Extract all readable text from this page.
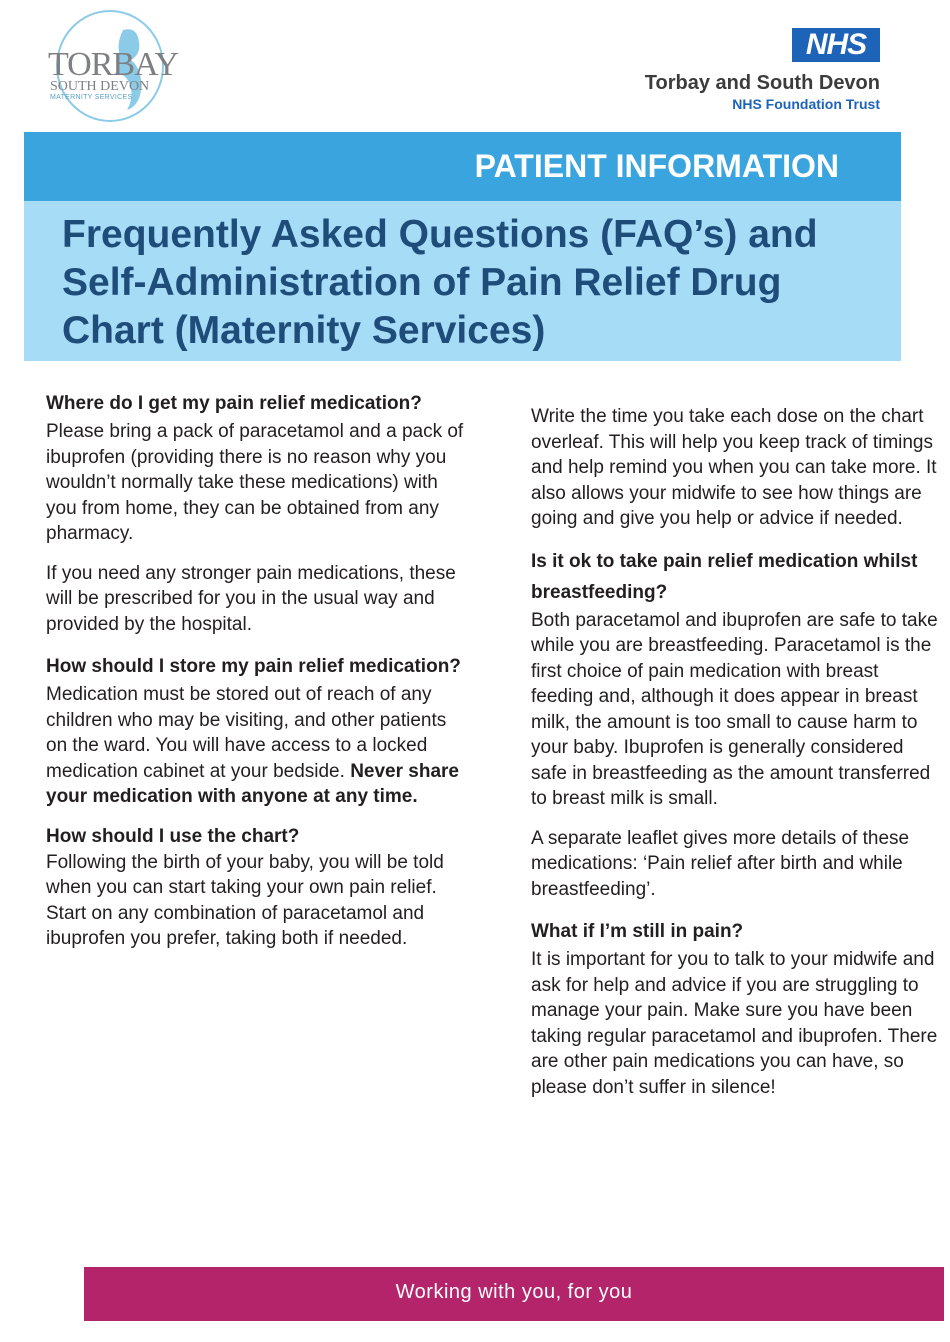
TORBAY
SOUTH DEVON
MATERNITY SERVICES
NHS
Torbay and South Devon
NHS Foundation Trust
PATIENT INFORMATION
Frequently Asked Questions (FAQ’s) and Self-Administration of Pain Relief Drug Chart (Maternity Services)
Where do I get my pain relief medication?

Please bring a pack of paracetamol and a pack of ibuprofen (providing there is no reason why you wouldn’t normally take these medications) with you from home, they can be obtained from any pharmacy.

If you need any stronger pain medications, these will be prescribed for you in the usual way and provided by the hospital.

How should I store my pain relief medication?

Medication must be stored out of reach of any children who may be visiting, and other patients on the ward. You will have access to a locked medication cabinet at your bedside. Never share your medication with anyone at any time.

How should I use the chart?

Following the birth of your baby, you will be told when you can start taking your own pain relief. Start on any combination of paracetamol and ibuprofen you prefer, taking both if needed.

Write the time you take each dose on the chart overleaf. This will help you keep track of timings and help remind you when you can take more. It also allows your midwife to see how things are going and give you help or advice if needed.

Is it ok to take pain relief medication whilst breastfeeding?

Both paracetamol and ibuprofen are safe to take while you are breastfeeding. Paracetamol is the first choice of pain medication with breast feeding and, although it does appear in breast milk, the amount is too small to cause harm to your baby. Ibuprofen is generally considered safe in breastfeeding as the amount transferred to breast milk is small.

A separate leaflet gives more details of these medications: ‘Pain relief after birth and while breastfeeding’.

What if I’m still in pain?

It is important for you to talk to your midwife and ask for help and advice if you are struggling to manage your pain. Make sure you have been taking regular paracetamol and ibuprofen. There are other pain medications you can have, so please don’t suffer in silence!

Working with you, for you
